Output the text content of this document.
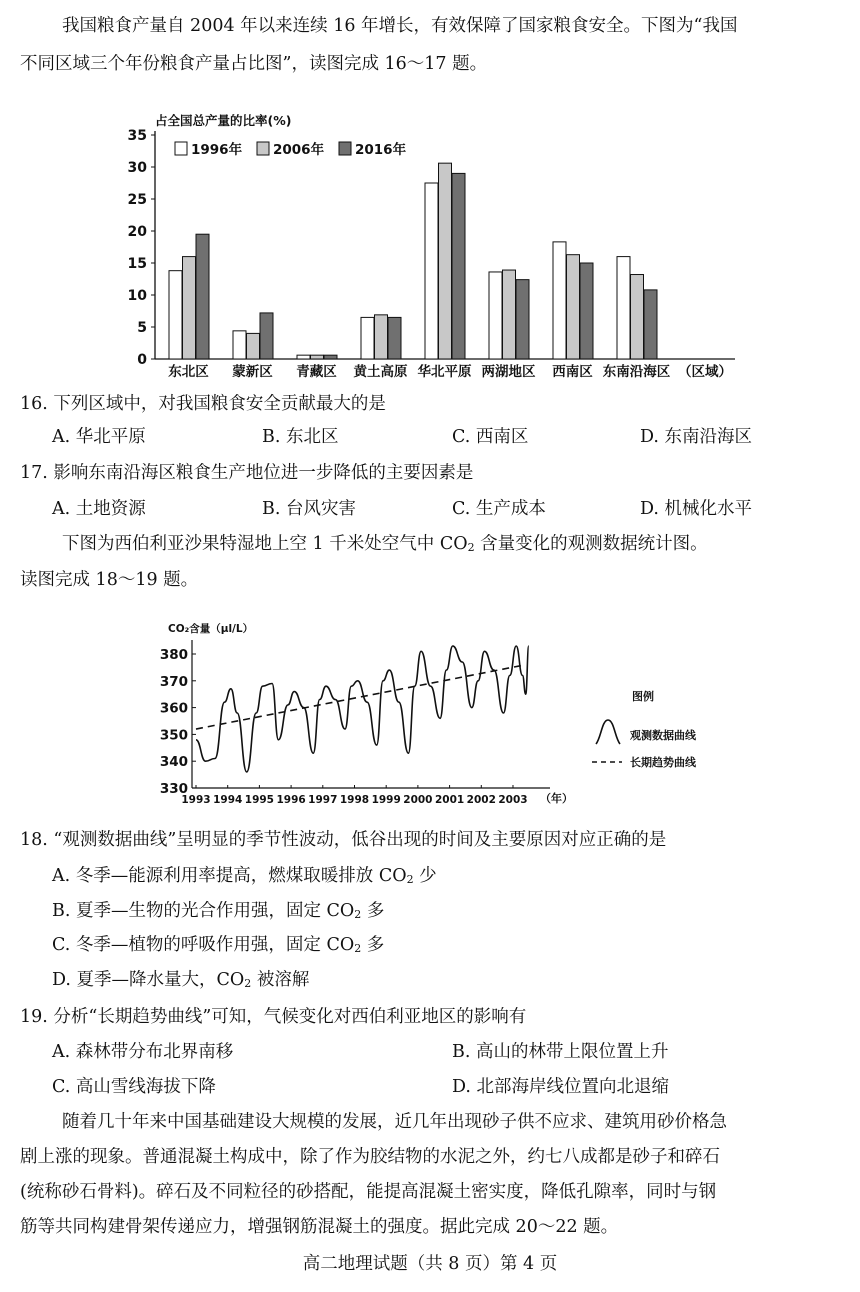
我国粮食产量自 2004 年以来连续 16 年增长，有效保障了国家粮食安全。下图为“我国
不同区域三个年份粮食产量占比图”，读图完成 16～17 题。
占全国总产量的比率(%)
0
5
10
15
20
25
30
35
东北区 蒙新区 青藏区 黄土高原 华北平原 两湖地区 西南区 东南沿海区 （区域）
1996年 2006年 2016年
16. 下列区域中，对我国粮食安全贡献最大的是
A. 华北平原	B. 东北区	C. 西南区	D. 东南沿海区
17. 影响东南沿海区粮食生产地位进一步降低的主要因素是
A. 土地资源	B. 台风灾害	C. 生产成本	D. 机械化水平
下图为西伯利亚沙果特湿地上空 1 千米处空气中 $CO_2$ 含量变化的观测数据统计图。
读图完成 18～19 题。
CO₂含量（μl/L）
330
340
350
360
370
380
1993 1994 1995 1996 1997 1998 1999 2000 2001 2002 2003 （年）
图例
观测数据曲线
长期趋势曲线
18. “观测数据曲线”呈明显的季节性波动，低谷出现的时间及主要原因对应正确的是
A. 冬季—能源利用率提高，燃煤取暖排放 $CO_2$ 少
B. 夏季—生物的光合作用强，固定 $CO_2$ 多
C. 冬季—植物的呼吸作用强，固定 $CO_2$ 多
D. 夏季—降水量大，$CO_2$ 被溶解
19. 分析“长期趋势曲线”可知，气候变化对西伯利亚地区的影响有
A. 森林带分布北界南移	B. 高山的林带上限位置上升
C. 高山雪线海拔下降	D. 北部海岸线位置向北退缩
随着几十年来中国基础建设大规模的发展，近几年出现砂子供不应求、建筑用砂价格急
剧上涨的现象。普通混凝土构成中，除了作为胶结物的水泥之外，约七八成都是砂子和碎石
(统称砂石骨料)。碎石及不同粒径的砂搭配，能提高混凝土密实度，降低孔隙率，同时与钢
筋等共同构建骨架传递应力，增强钢筋混凝土的强度。据此完成 20～22 题。
高二地理试题（共 8 页）第 4 页
